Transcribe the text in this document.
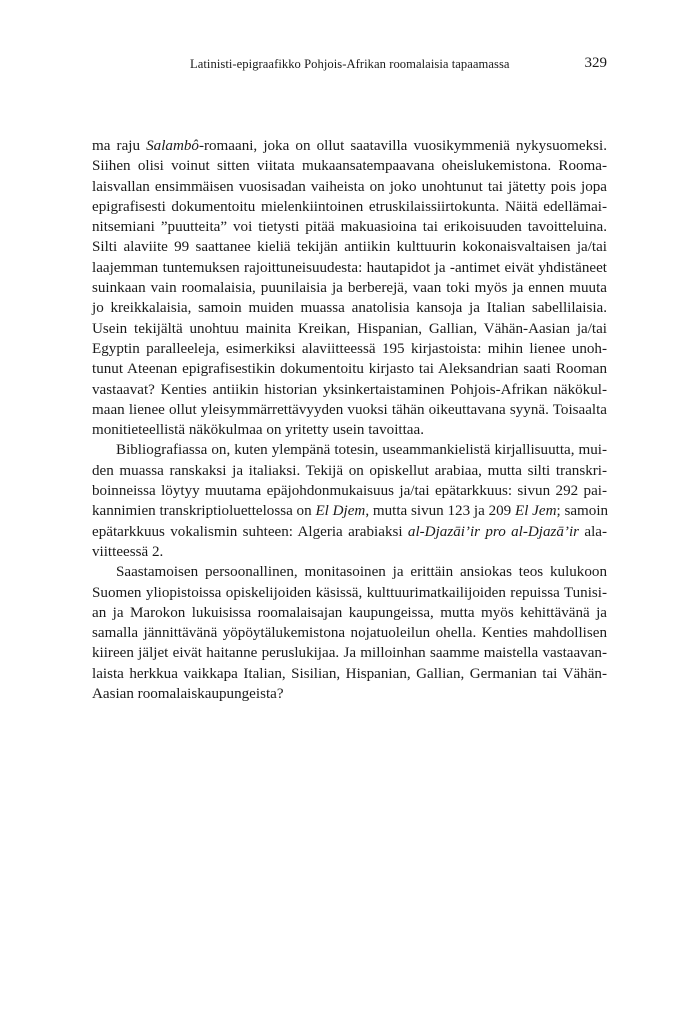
Latinisti-epigraafikko Pohjois-Afrikan roomalaisia tapaamassa	329

ma raju Salambô-romaani, joka on ollut saatavilla vuosikymmeniä nykysuomeksi.
Siihen olisi voinut sitten viitata mukaansatempaavana oheislukemistona. Rooma-
laisvallan ensimmäisen vuosisadan vaiheista on joko unohtunut tai jätetty pois jopa
epigrafisesti dokumentoitu mielenkiintoinen etruskilaissiirtokunta. Näitä edellämai-
nitsemiani ”puutteita” voi tietysti pitää makuasioina tai erikoisuuden tavoitteluina.
Silti alaviite 99 saattanee kieliä tekijän antiikin kulttuurin kokonaisvaltaisen ja/tai
laajemman tuntemuksen rajoittuneisuudesta: hautapidot ja -antimet eivät yhdistäneet
suinkaan vain roomalaisia, puunilaisia ja berberejä, vaan toki myös ja ennen muuta
jo kreikkalaisia, samoin muiden muassa anatolisia kansoja ja Italian sabellilaisia.
Usein tekijältä unohtuu mainita Kreikan, Hispanian, Gallian, Vähän-Aasian ja/tai
Egyptin paralleeleja, esimerkiksi alaviitteessä 195 kirjastoista: mihin lienee unoh-
tunut Ateenan epigrafisestikin dokumentoitu kirjasto tai Aleksandrian saati Rooman
vastaavat? Kenties antiikin historian yksinkertaistaminen Pohjois-Afrikan näkökul-
maan lienee ollut yleisymmärrettävyyden vuoksi tähän oikeuttavana syynä. Toisaalta
monitieteellistä näkökulmaa on yritetty usein tavoittaa.

Bibliografiassa on, kuten ylempänä totesin, useammankielistä kirjallisuutta, mui-
den muassa ranskaksi ja italiaksi. Tekijä on opiskellut arabiaa, mutta silti transkri-
boinneissa löytyy muutama epäjohdonmukaisuus ja/tai epätarkkuus: sivun 292 pai-
kannimien transkriptioluettelossa on El Djem, mutta sivun 123 ja 209 El Jem; samoin
epätarkkuus vokalismin suhteen: Algeria arabiaksi al-Djazāi’ir pro al-Djazā’ir ala-
viitteessä 2.

Saastamoisen persoonallinen, monitasoinen ja erittäin ansiokas teos kulukoon
Suomen yliopistoissa opiskelijoiden käsissä, kulttuurimatkailijoiden repuissa Tunisi-
an ja Marokon lukuisissa roomalaisajan kaupungeissa, mutta myös kehittävänä ja
samalla jännittävänä yöpöytälukemistona nojatuoleilun ohella. Kenties mahdollisen
kiireen jäljet eivät haitanne peruslukijaa. Ja milloinhan saamme maistella vastaavan-
laista herkkua vaikkapa Italian, Sisilian, Hispanian, Gallian, Germanian tai Vähän-
Aasian roomalaiskaupungeista?
